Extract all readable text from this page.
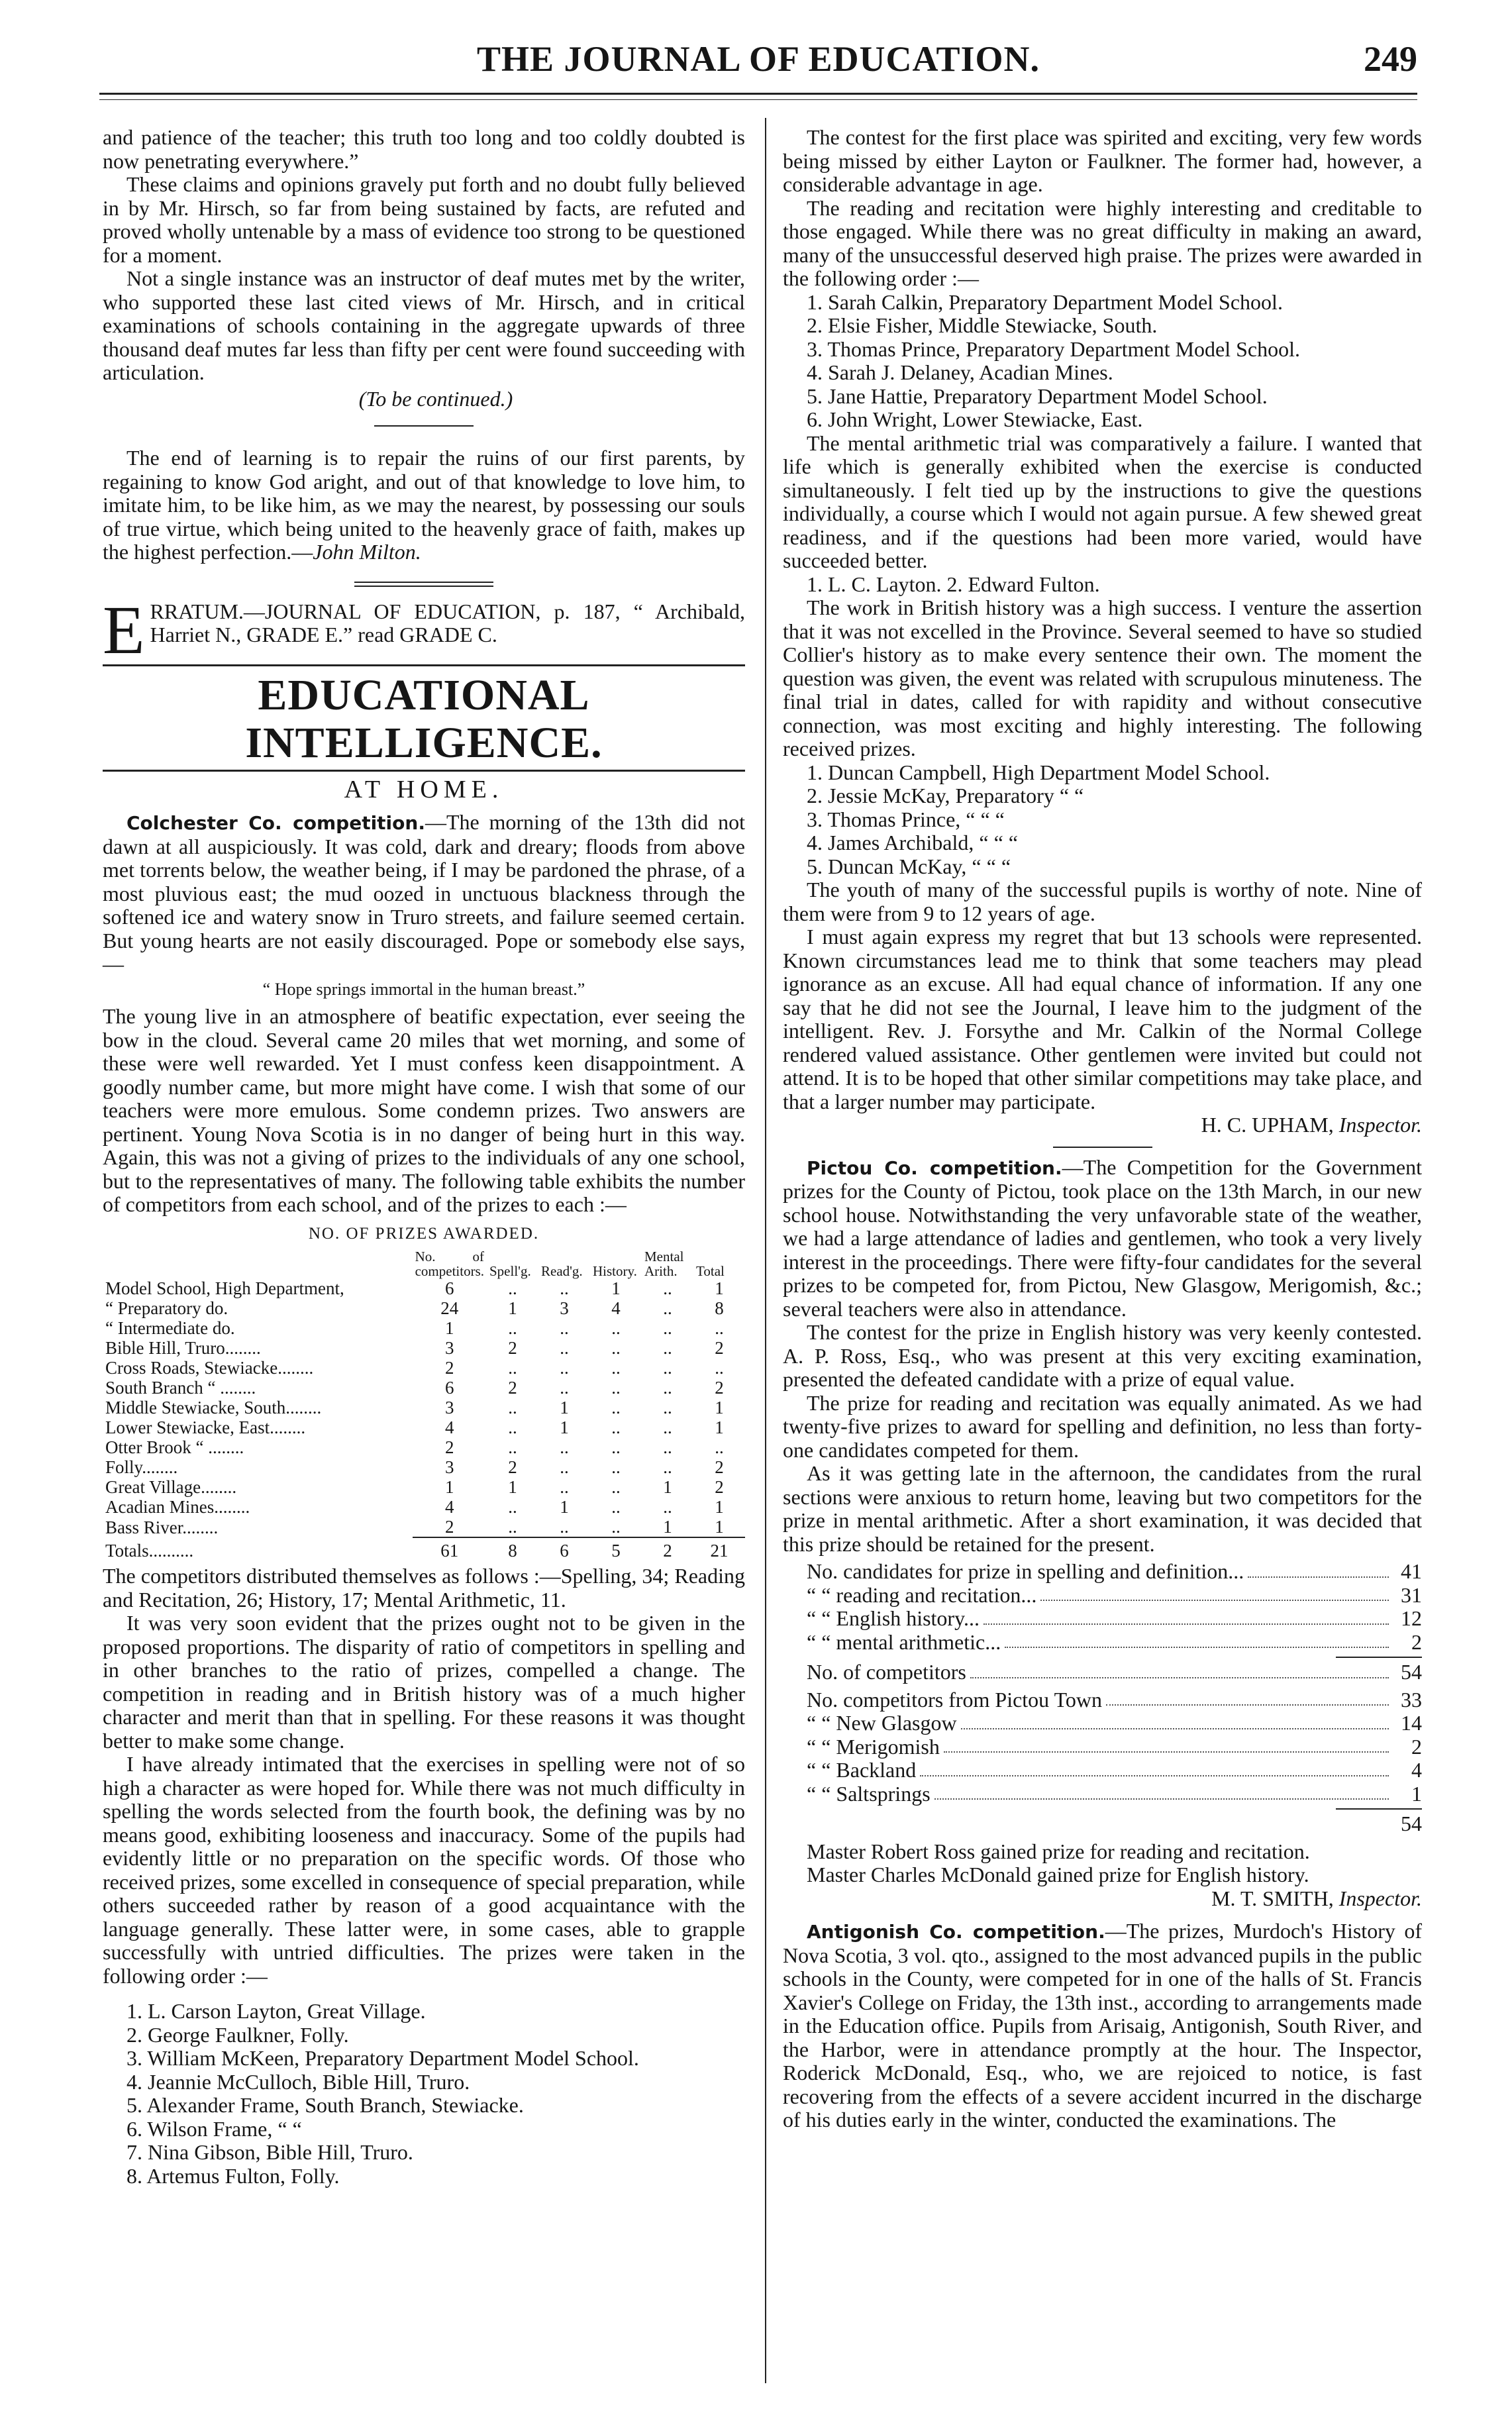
THE JOURNAL OF EDUCATION.	249

and patience of the teacher; this truth too long and too coldly doubted is now penetrating everywhere.”

These claims and opinions gravely put forth and no doubt fully believed in by Mr. Hirsch, so far from being sustained by facts, are refuted and proved wholly untenable by a mass of evidence too strong to be questioned for a moment.

Not a single instance was an instructor of deaf mutes met by the writer, who supported these last cited views of Mr. Hirsch, and in critical examinations of schools containing in the aggregate upwards of three thousand deaf mutes far less than fifty per cent were found succeeding with articulation.

(To be continued.)

The end of learning is to repair the ruins of our first parents, by regaining to know God aright, and out of that knowledge to love him, to imitate him, to be like him, as we may the nearest, by possessing our souls of true virtue, which being united to the heavenly grace of faith, makes up the highest perfection.—John Milton.

ERRATUM.—JOURNAL OF EDUCATION, p. 187, “ Archibald, Harriet N., GRADE E.” read GRADE C.

EDUCATIONAL INTELLIGENCE.
AT HOME.

Colchester Co. competition.—The morning of the 13th did not dawn at all auspiciously. It was cold, dark and dreary; floods from above met torrents below, the weather being, if I may be pardoned the phrase, of a most pluvious east; the mud oozed in unctuous blackness through the softened ice and watery snow in Truro streets, and failure seemed certain. But young hearts are not easily discouraged. Pope or somebody else says,—

“ Hope springs immortal in the human breast.”

The young live in an atmosphere of beatific expectation, ever seeing the bow in the cloud. Several came 20 miles that wet morning, and some of these were well rewarded. Yet I must confess keen disappointment. A goodly number came, but more might have come. I wish that some of our teachers were more emulous. Some condemn prizes. Two answers are pertinent. Young Nova Scotia is in no danger of being hurt in this way. Again, this was not a giving of prizes to the individuals of any one school, but to the representatives of many. The following table exhibits the number of competitors from each school, and of the prizes to each :—

NO. OF PRIZES AWARDED.
	No. of competitors.	Spell'g.	Read'g.	History.	Mental Arith.	Total
Model School, High Department,	6	..	..	1	..	1
“ Preparatory do.	24	1	3	4	..	8
“ Intermediate do.	1	..	..	..	..	..
Bible Hill, Truro........	3	2	..	..	..	2
Cross Roads, Stewiacke........	2	..	..	..	..	..
South Branch “ ........	6	2	..	..	..	2
Middle Stewiacke, South........	3	..	1	..	..	1
Lower Stewiacke, East........	4	..	1	..	..	1
Otter Brook “ ........	2	..	..	..	..	..
Folly........	3	2	..	..	..	2
Great Village........	1	1	..	..	1	2
Acadian Mines........	4	..	1	..	..	1
Bass River........	2	..	..	..	1	1
Totals..........	61	8	6	5	2	21

The competitors distributed themselves as follows :—Spelling, 34; Reading and Recitation, 26; History, 17; Mental Arithmetic, 11.

It was very soon evident that the prizes ought not to be given in the proposed proportions. The disparity of ratio of competitors in spelling and in other branches to the ratio of prizes, compelled a change. The competition in reading and in British history was of a much higher character and merit than that in spelling. For these reasons it was thought better to make some change.

I have already intimated that the exercises in spelling were not of so high a character as were hoped for. While there was not much difficulty in spelling the words selected from the fourth book, the defining was by no means good, exhibiting looseness and inaccuracy. Some of the pupils had evidently little or no preparation on the specific words. Of those who received prizes, some excelled in consequence of special preparation, while others succeeded rather by reason of a good acquaintance with the language generally. These latter were, in some cases, able to grapple successfully with untried difficulties. The prizes were taken in the following order :—

1. L. Carson Layton, Great Village.
2. George Faulkner, Folly.
3. William McKeen, Preparatory Department Model School.
4. Jeannie McCulloch, Bible Hill, Truro.
5. Alexander Frame, South Branch, Stewiacke.
6. Wilson Frame, “ “
7. Nina Gibson, Bible Hill, Truro.
8. Artemus Fulton, Folly.

The contest for the first place was spirited and exciting, very few words being missed by either Layton or Faulkner. The former had, however, a considerable advantage in age.

The reading and recitation were highly interesting and creditable to those engaged. While there was no great difficulty in making an award, many of the unsuccessful deserved high praise. The prizes were awarded in the following order :—

1. Sarah Calkin, Preparatory Department Model School.
2. Elsie Fisher, Middle Stewiacke, South.
3. Thomas Prince, Preparatory Department Model School.
4. Sarah J. Delaney, Acadian Mines.
5. Jane Hattie, Preparatory Department Model School.
6. John Wright, Lower Stewiacke, East.

The mental arithmetic trial was comparatively a failure. I wanted that life which is generally exhibited when the exercise is conducted simultaneously. I felt tied up by the instructions to give the questions individually, a course which I would not again pursue. A few shewed great readiness, and if the questions had been more varied, would have succeeded better.

1. L. C. Layton. 2. Edward Fulton.

The work in British history was a high success. I venture the assertion that it was not excelled in the Province. Several seemed to have so studied Collier's history as to make every sentence their own. The moment the question was given, the event was related with scrupulous minuteness. The final trial in dates, called for with rapidity and without consecutive connection, was most exciting and highly interesting. The following received prizes.

1. Duncan Campbell, High Department Model School.
2. Jessie McKay, Preparatory “ “
3. Thomas Prince, “ “ “
4. James Archibald, “ “ “
5. Duncan McKay, “ “ “

The youth of many of the successful pupils is worthy of note. Nine of them were from 9 to 12 years of age.

I must again express my regret that but 13 schools were represented. Known circumstances lead me to think that some teachers may plead ignorance as an excuse. All had equal chance of information. If any one say that he did not see the Journal, I leave him to the judgment of the intelligent. Rev. J. Forsythe and Mr. Calkin of the Normal College rendered valued assistance. Other gentlemen were invited but could not attend. It is to be hoped that other similar competitions may take place, and that a larger number may participate.

H. C. UPHAM, Inspector.

Pictou Co. competition.—The Competition for the Government prizes for the County of Pictou, took place on the 13th March, in our new school house. Notwithstanding the very unfavorable state of the weather, we had a large attendance of ladies and gentlemen, who took a very lively interest in the proceedings. There were fifty-four candidates for the several prizes to be competed for, from Pictou, New Glasgow, Merigomish, &c.; several teachers were also in attendance.

The contest for the prize in English history was very keenly contested. A. P. Ross, Esq., who was present at this very exciting examination, presented the defeated candidate with a prize of equal value.

The prize for reading and recitation was equally animated. As we had twenty-five prizes to award for spelling and definition, no less than forty-one candidates competed for them.

As it was getting late in the afternoon, the candidates from the rural sections were anxious to return home, leaving but two competitors for the prize in mental arithmetic. After a short examination, it was decided that this prize should be retained for the present.

No. candidates for prize in spelling and definition...	41
“ “ reading and recitation...	31
“ “ English history...	12
“ “ mental arithmetic...	2
No. of competitors	54
No. competitors from Pictou Town	33
“ “ New Glasgow	14
“ “ Merigomish	2
“ “ Backland	4
“ “ Saltsprings	1
54

Master Robert Ross gained prize for reading and recitation.

Master Charles McDonald gained prize for English history.

M. T. SMITH, Inspector.

Antigonish Co. competition.—The prizes, Murdoch's History of Nova Scotia, 3 vol. qto., assigned to the most advanced pupils in the public schools in the County, were competed for in one of the halls of St. Francis Xavier's College on Friday, the 13th inst., according to arrangements made in the Education office. Pupils from Arisaig, Antigonish, South River, and the Harbor, were in attendance promptly at the hour. The Inspector, Roderick McDonald, Esq., who, we are rejoiced to notice, is fast recovering from the effects of a severe accident incurred in the discharge of his duties early in the winter, conducted the examinations. The
